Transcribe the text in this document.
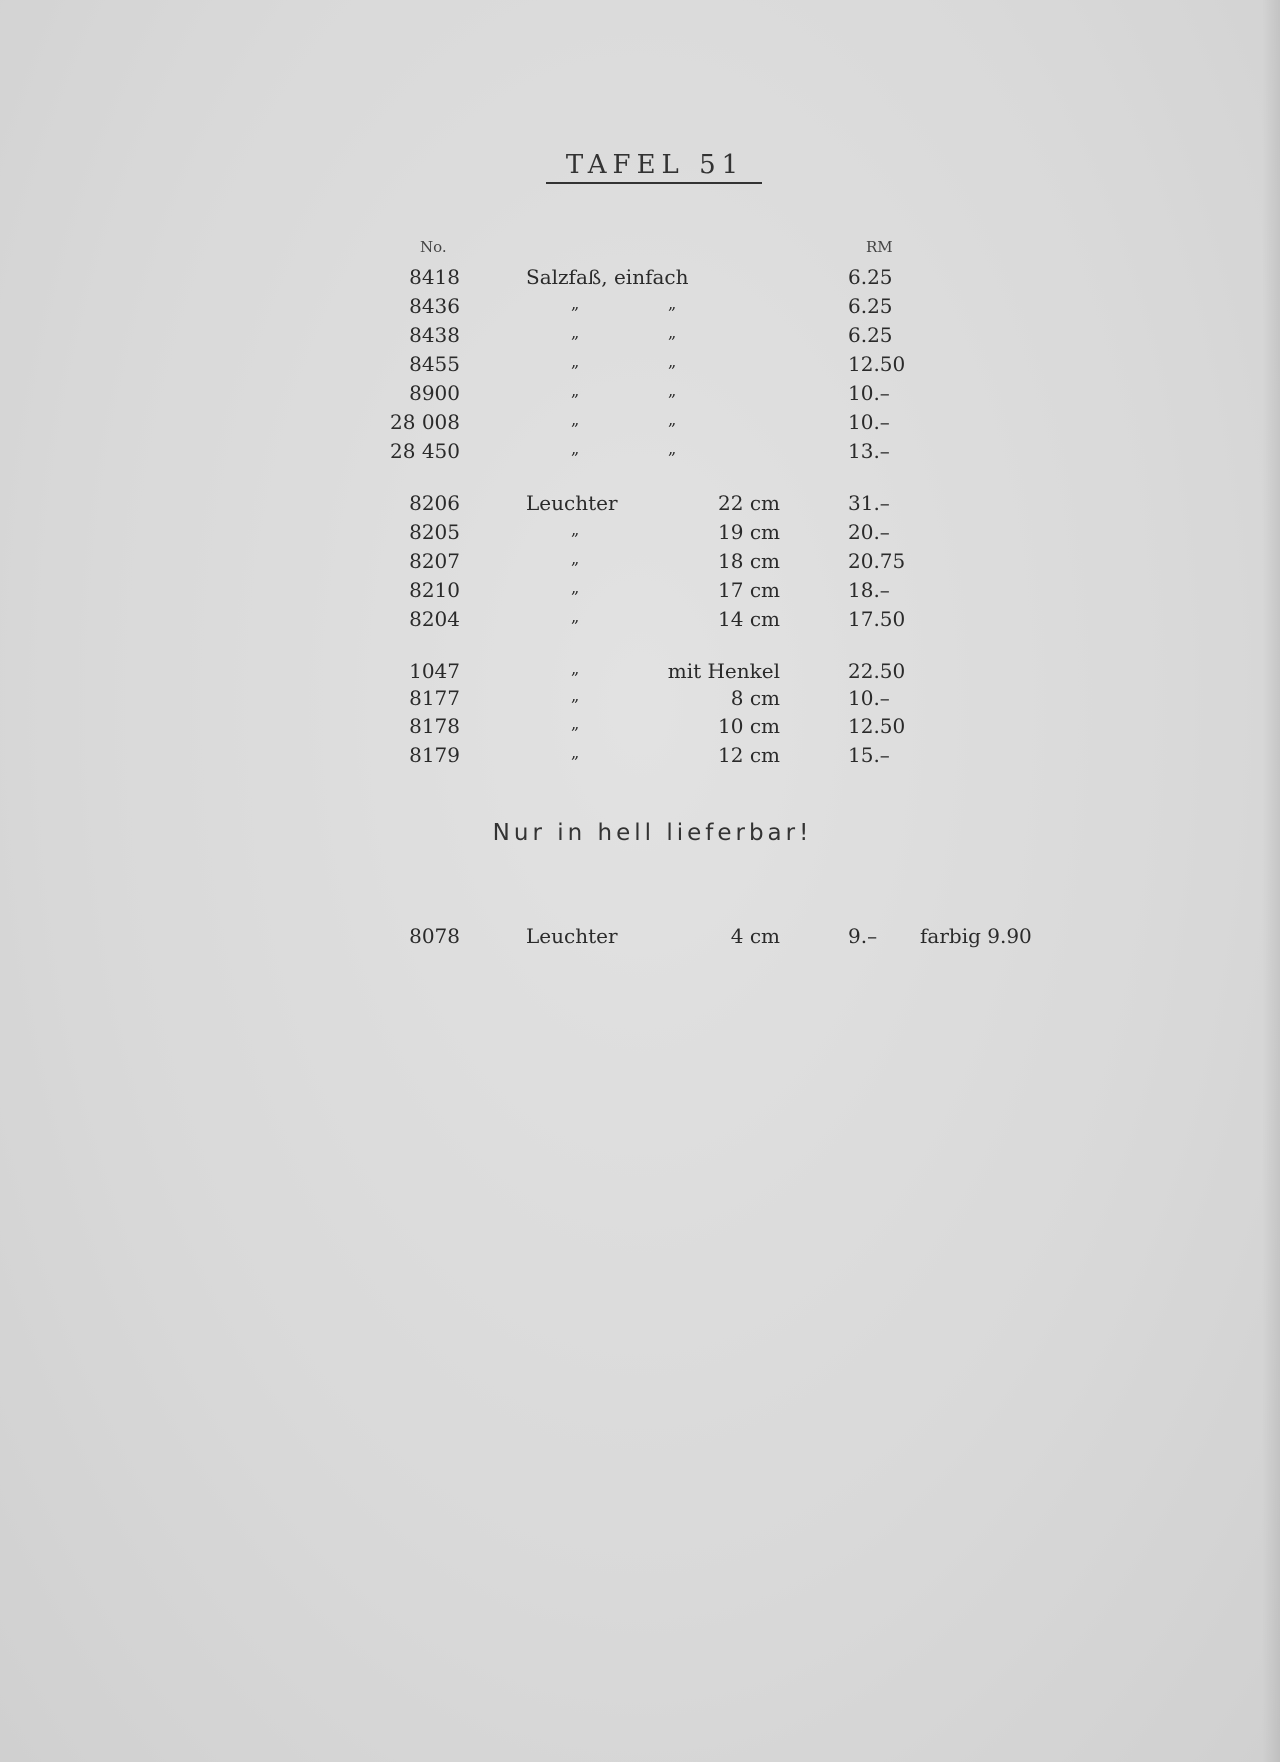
TAFEL 51
No.	RM
8418	Salzfaß, einfach	6.25
8436	„	„	6.25
8438	„	„	6.25
8455	„	„	12.50
8900	„	„	10.–
28 008	„	„	10.–
28 450	„	„	13.–
8206	Leuchter	22 cm	31.–
8205	„	19 cm	20.–
8207	„	18 cm	20.75
8210	„	17 cm	18.–
8204	„	14 cm	17.50
1047	„	mit Henkel	22.50
8177	„	8 cm	10.–
8178	„	10 cm	12.50
8179	„	12 cm	15.–
Nur in hell lieferbar!
8078	Leuchter	4 cm	9.– farbig 9.90
